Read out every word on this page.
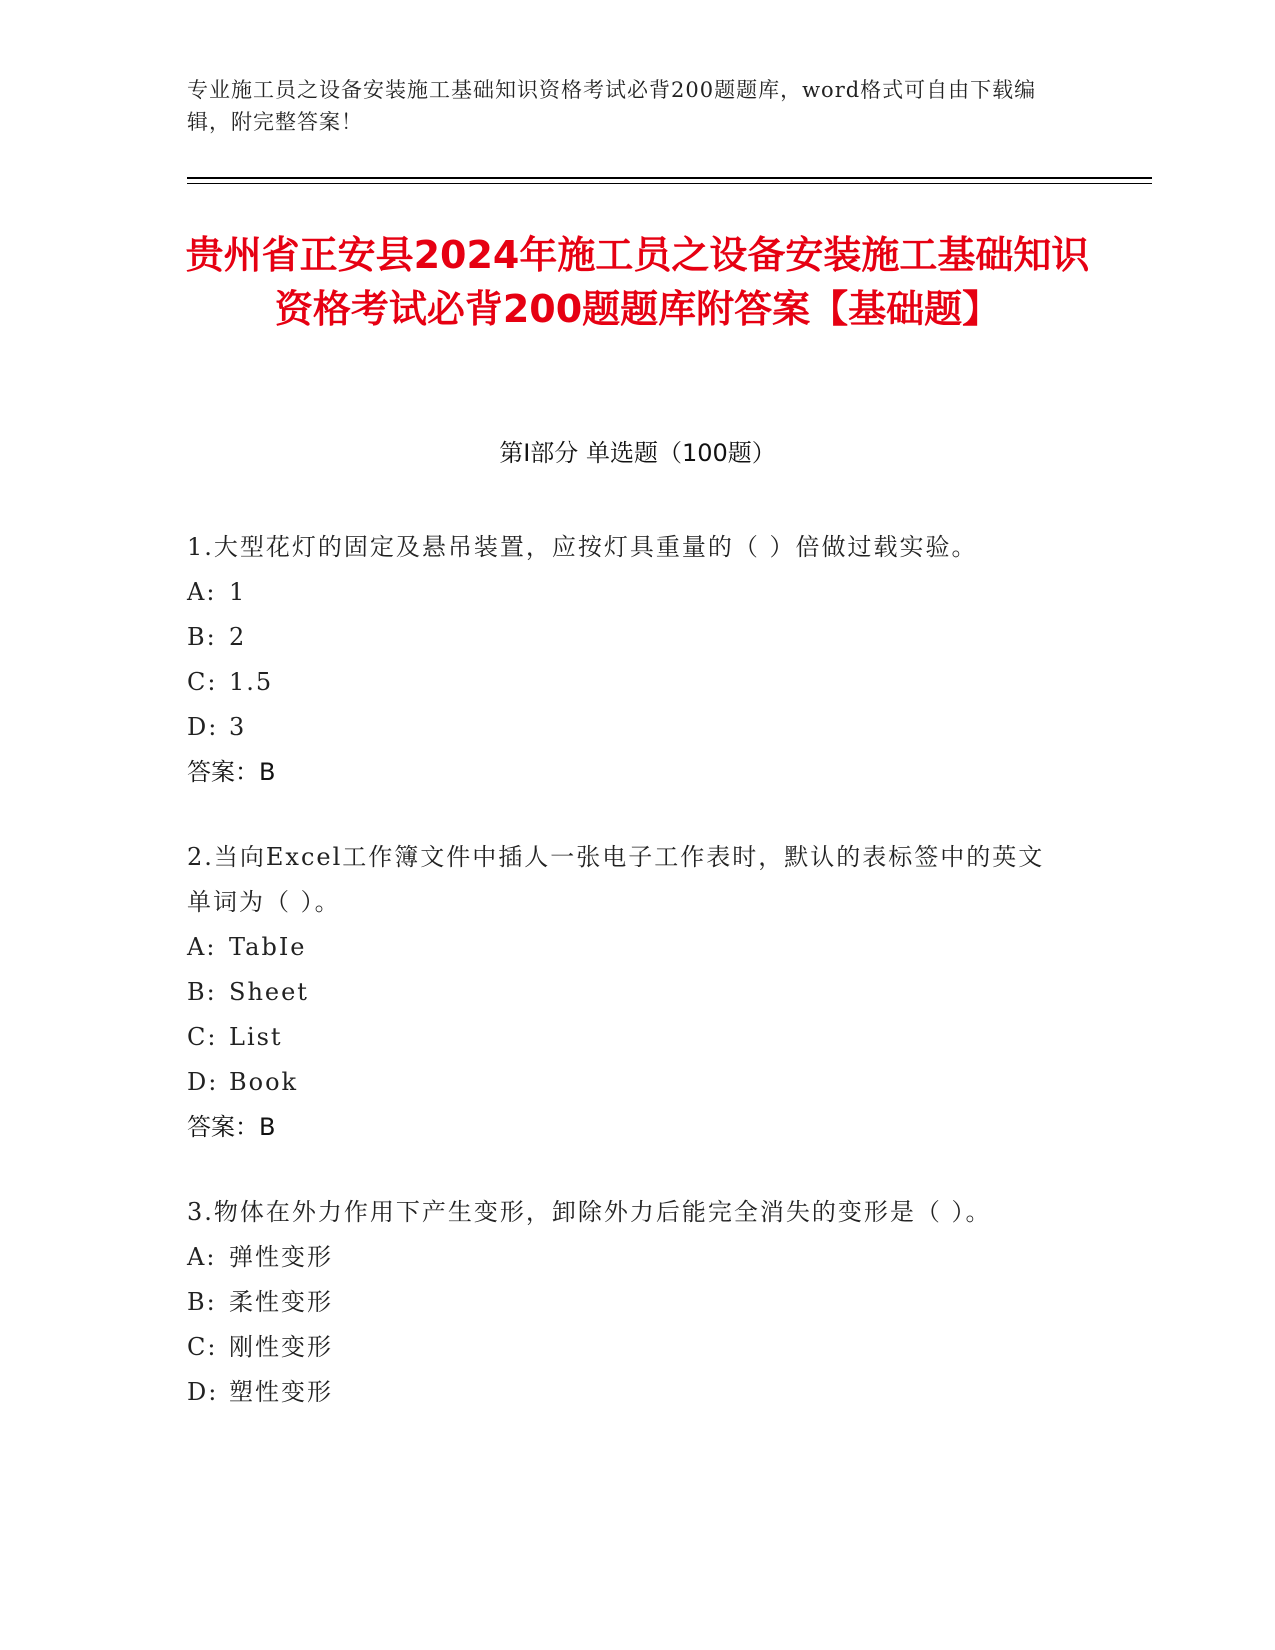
专业施工员之设备安装施工基础知识资格考试必背200题题库，word格式可自由下载编辑，附完整答案！
贵州省正安县2024年施工员之设备安装施工基础知识资格考试必背200题题库附答案【基础题】
第I部分 单选题（100题）

1.大型花灯的固定及悬吊装置，应按灯具重量的（ ）倍做过载实验。

A: 1

B: 2

C: 1.5

D: 3

答案：B

2.当向Excel工作簿文件中插人一张电子工作表时，默认的表标签中的英文单词为（ ）。

A: TabIe

B: Sheet

C: List

D: Book

答案：B

3.物体在外力作用下产生变形，卸除外力后能完全消失的变形是（ ）。

A: 弹性变形

B: 柔性变形

C: 刚性变形

D: 塑性变形
